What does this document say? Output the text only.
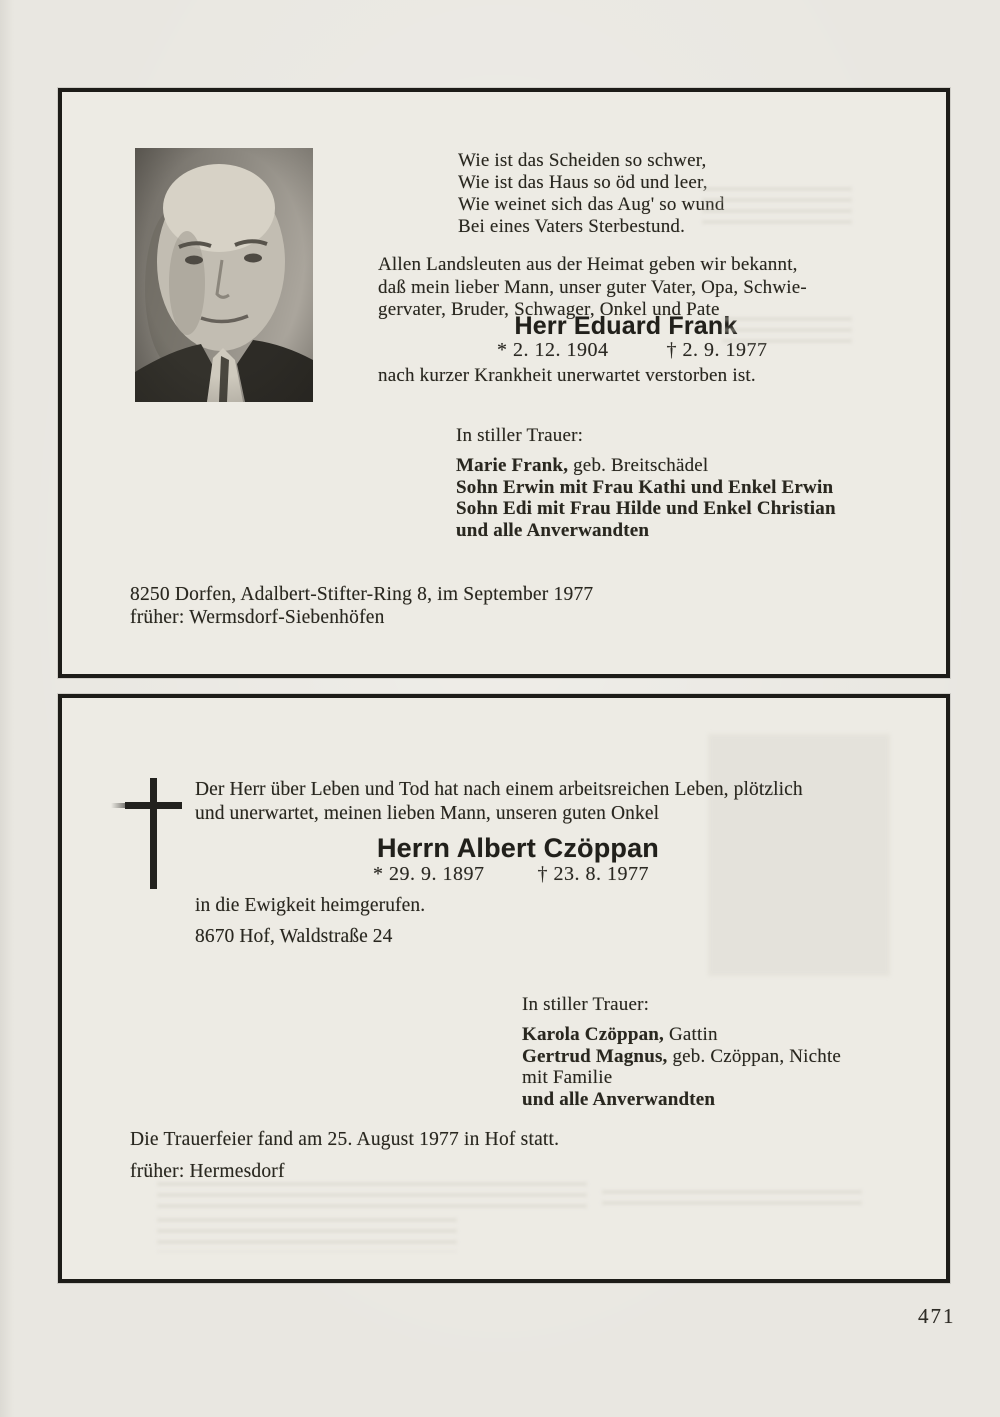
Wie ist das Scheiden so schwer,
Wie ist das Haus so öd und leer,
Wie weinet sich das Aug' so wund
Bei eines Vaters Sterbestund.
Allen Landsleuten aus der Heimat geben wir bekannt,
daß mein lieber Mann, unser guter Vater, Opa, Schwie-
gervater, Bruder, Schwager, Onkel und Pate
Herr Eduard Frank
* 2. 12. 1904	† 2. 9. 1977
nach kurzer Krankheit unerwartet verstorben ist.
In stiller Trauer:
Marie Frank, geb. Breitschädel
Sohn Erwin mit Frau Kathi und Enkel Erwin
Sohn Edi mit Frau Hilde und Enkel Christian
und alle Anverwandten
8250 Dorfen, Adalbert-Stifter-Ring 8, im September 1977
früher: Wermsdorf-Siebenhöfen
Der Herr über Leben und Tod hat nach einem arbeitsreichen Leben, plötzlich
und unerwartet, meinen lieben Mann, unseren guten Onkel
Herrn Albert Czöppan
* 29. 9. 1897	† 23. 8. 1977
in die Ewigkeit heimgerufen.
8670 Hof, Waldstraße 24
In stiller Trauer:
Karola Czöppan, Gattin
Gertrud Magnus, geb. Czöppan, Nichte
mit Familie
und alle Anverwandten
Die Trauerfeier fand am 25. August 1977 in Hof statt.
früher: Hermesdorf
471
